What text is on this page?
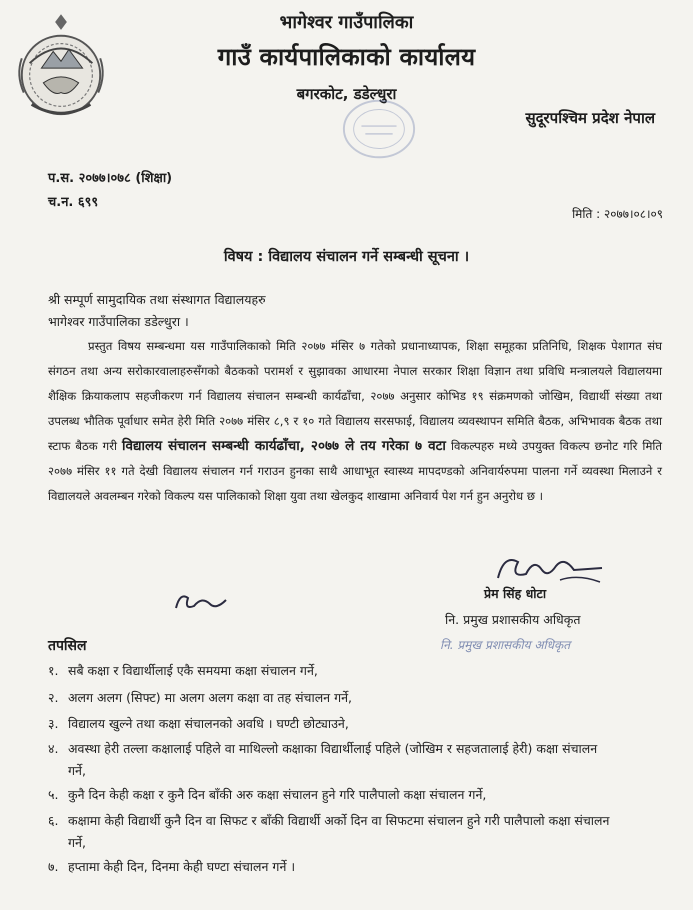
भागेश्वर गाउँपालिका
गाउँ कार्यपालिकाको कार्यालय
बगरकोट, डडेल्धुरा
सुदूरपश्चिम प्रदेश नेपाल
प.स. २०७७।०७८ (शिक्षा)
च.न. ६९९
मिति : २०७७।०८।०९
विषय : विद्यालय संचालन गर्ने सम्बन्धी सूचना ।
श्री सम्पूर्ण सामुदायिक तथा संस्थागत विद्यालयहरु
भागेश्वर गाउँपालिका डडेल्धुरा ।

प्रस्तुत विषय सम्बन्धमा यस गाउँपालिकाको मिति २०७७ मंसिर ७ गतेको प्रधानाध्यापक, शिक्षा समूहका प्रतिनिधि, शिक्षक पेशागत संघ संगठन तथा अन्य सरोकारवालाहरुसँगको बैठकको परामर्श र सुझावका आधारमा नेपाल सरकार शिक्षा विज्ञान तथा प्रविधि मन्त्रालयले विद्यालयमा शैक्षिक क्रियाकलाप सहजीकरण गर्न विद्यालय संचालन सम्बन्धी कार्यढाँचा, २०७७ अनुसार कोभिड १९ संक्रमणको जोखिम, विद्यार्थी संख्या तथा उपलब्ध भौतिक पूर्वाधार समेत हेरी मिति २०७७ मंसिर ८,९ र १० गते विद्यालय सरसफाई, विद्यालय व्यवस्थापन समिति बैठक, अभिभावक बैठक तथा स्टाफ बैठक गरी विद्यालय संचालन सम्बन्धी कार्यढाँचा, २०७७ ले तय गरेका ७ वटा विकल्पहरु मध्ये उपयुक्त विकल्प छनोट गरि मिति २०७७ मंसिर ११ गते देखी विद्यालय संचालन गर्न गराउन हुनका साथै आधाभूत स्वास्थ्य मापदण्डको अनिवार्यरुपमा पालना गर्ने व्यवस्था मिलाउने र विद्यालयले अवलम्बन गरेको विकल्प यस पालिकाको शिक्षा युवा तथा खेलकुद शाखामा अनिवार्य पेश गर्न हुन अनुरोध छ ।

प्रेम सिंह धोटा
नि. प्रमुख प्रशासकीय अधिकृत
नि. प्रमुख प्रशासकीय अधिकृत
तपसिल
१. सबै कक्षा र विद्यार्थीलाई एकै समयमा कक्षा संचालन गर्ने,
२. अलग अलग (सिफ्ट) मा अलग अलग कक्षा वा तह संचालन गर्ने,
३. विद्यालय खुल्ने तथा कक्षा संचालनको अवधि । घण्टी छोट्याउने,
४. अवस्था हेरी तल्ला कक्षालाई पहिले वा माथिल्लो कक्षाका विद्यार्थीलाई पहिले (जोखिम र सहजतालाई हेरी) कक्षा संचालन
गर्ने,
५. कुनै दिन केही कक्षा र कुनै दिन बाँकी अरु कक्षा संचालन हुने गरि पालैपालो कक्षा संचालन गर्ने,
६. कक्षामा केही विद्यार्थी कुनै दिन वा सिफट र बाँकी विद्यार्थी अर्को दिन वा सिफटमा संचालन हुने गरी पालैपालो कक्षा संचालन
गर्ने,
७. हप्तामा केही दिन, दिनमा केही घण्टा संचालन गर्ने ।
